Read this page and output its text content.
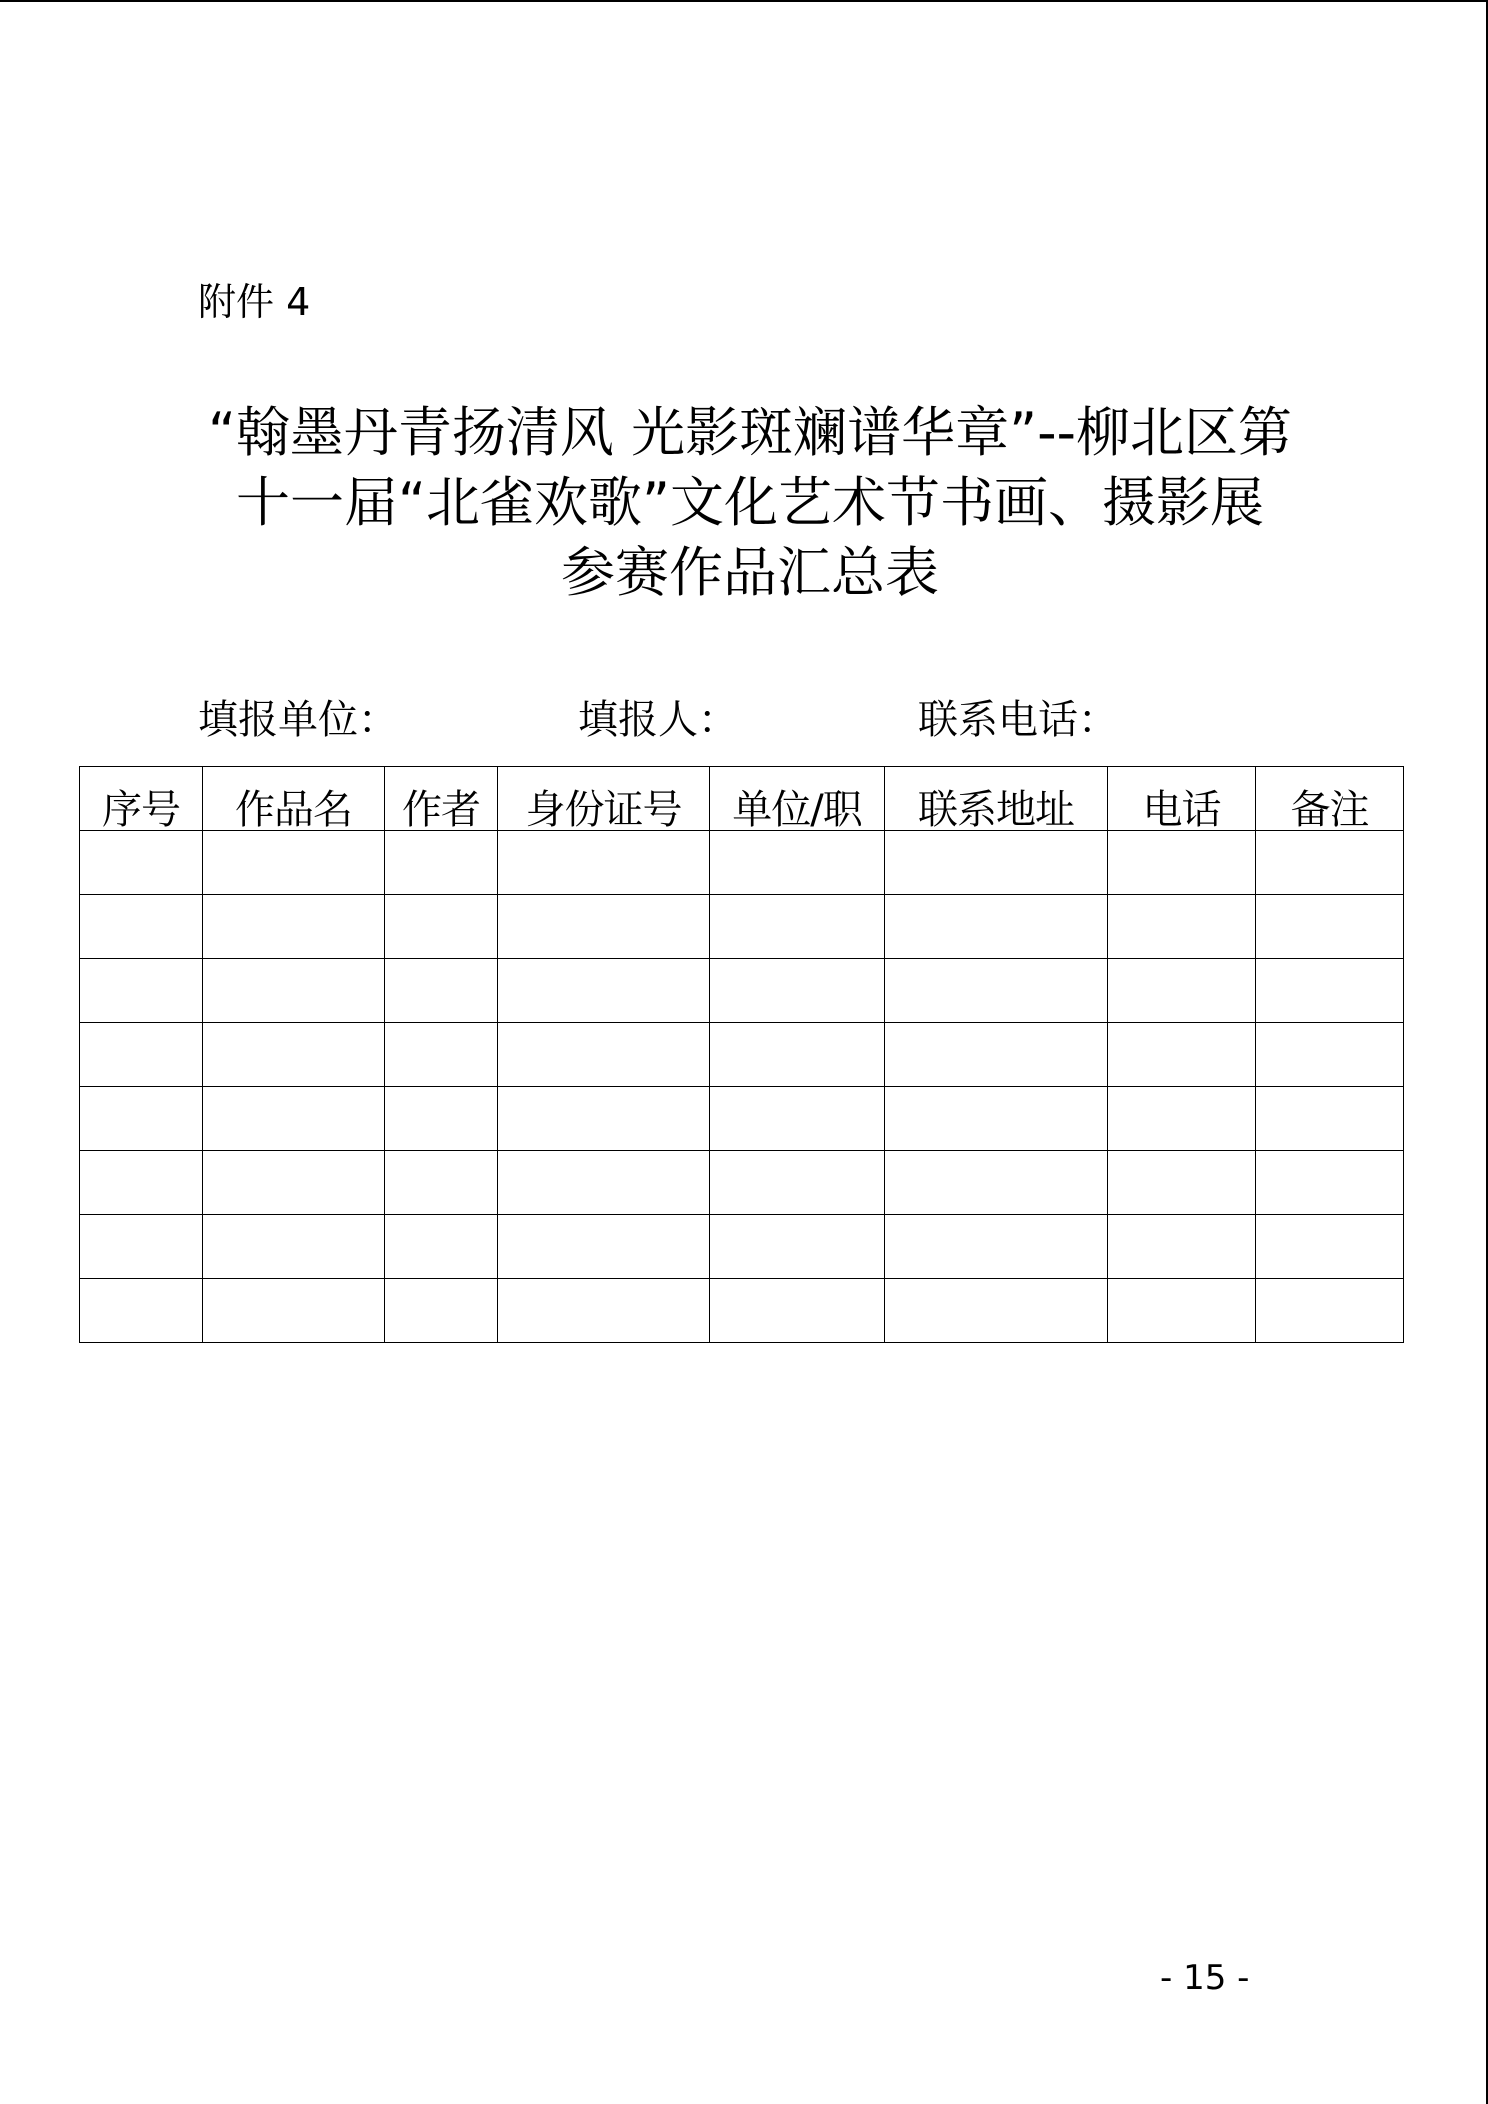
附件 4
“翰墨丹青扬清风 光影斑斓谱华章”--柳北区第
十一届“北雀欢歌”文化艺术节书画、摄影展
参赛作品汇总表
填报单位：	填报人：	联系电话：
序号	作品名	作者	身份证号	单位/职	联系地址	电话	备注

- 15 -
